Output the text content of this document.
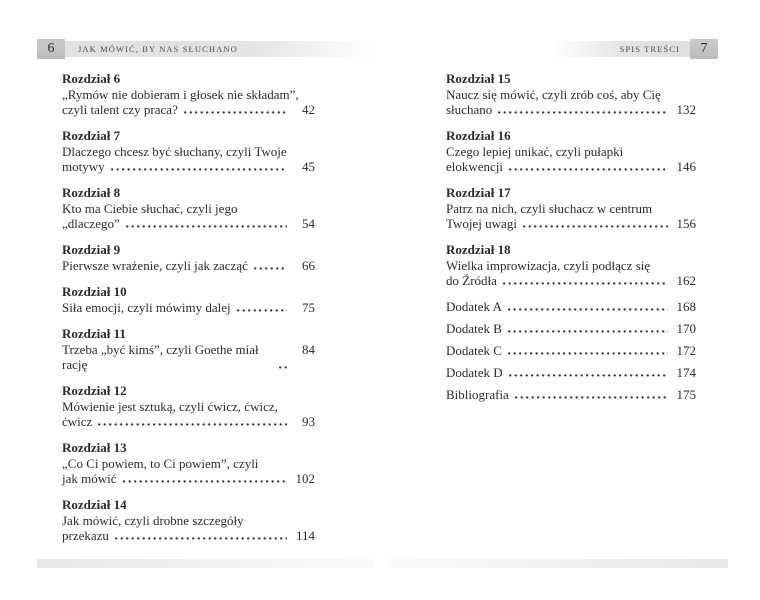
6	JAK MÓWIĆ, BY NAS SŁUCHANO	SPIS TREŚCI	7
Rozdział 6
„Rymów nie dobieram i głosek nie składam”,
czyli talent czy praca?	42
Rozdział 7
Dlaczego chcesz być słuchany, czyli Twoje
motywy	45
Rozdział 8
Kto ma Ciebie słuchać, czyli jego
„dlaczego”	54
Rozdział 9
Pierwsze wrażenie, czyli jak zacząć	66
Rozdział 10
Siła emocji, czyli mówimy dalej	75
Rozdział 11
Trzeba „być kimś”, czyli Goethe miał rację
84
Rozdział 12
Mówienie jest sztuką, czyli ćwicz, ćwicz,
ćwicz	93
Rozdział 13
„Co Ci powiem, to Ci powiem”, czyli
jak mówić	102
Rozdział 14
Jak mówić, czyli drobne szczegóły
przekazu	114
Rozdział 15
Naucz się mówić, czyli zrób coś, aby Cię
słuchano	132
Rozdział 16
Czego lepiej unikać, czyli pułapki
elokwencji	146
Rozdział 17
Patrz na nich, czyli słuchacz w centrum
Twojej uwagi	156
Rozdział 18
Wielka improwizacja, czyli podłącz się
do Źródła	162
Dodatek A	168
Dodatek B	170
Dodatek C	172
Dodatek D	174
Bibliografia	175
